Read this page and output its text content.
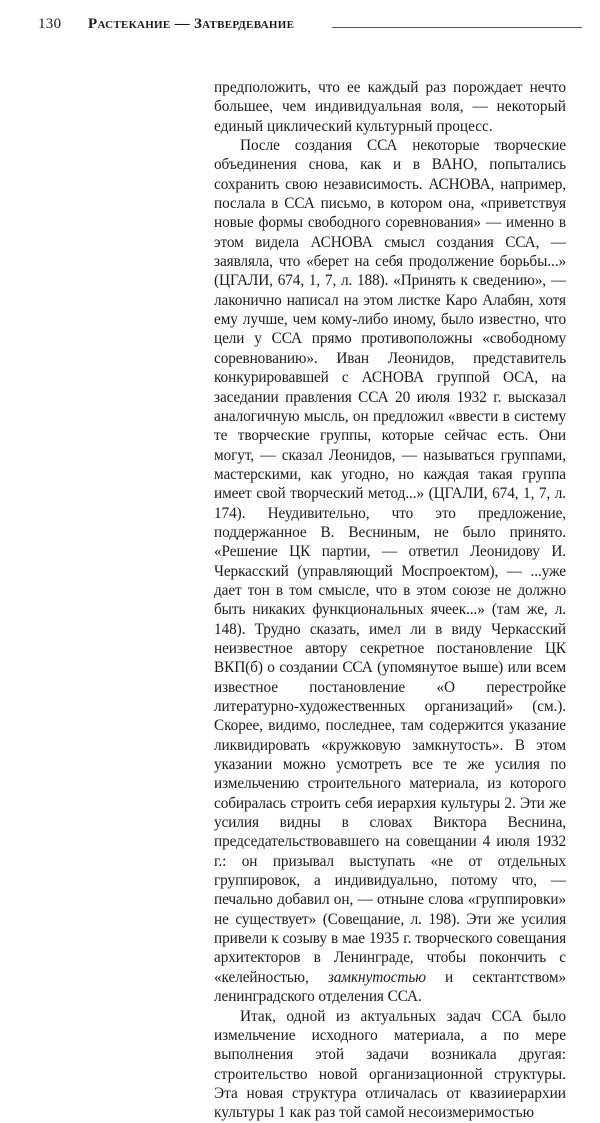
130 Растекание — Затвердевание

предположить, что ее каждый раз порождает нечто большее, чем индивидуальная воля, — некоторый единый циклический культурный процесс.

После создания ССА некоторые творческие объединения снова, как и в ВАНО, попытались сохранить свою независимость. АСНОВА, например, послала в ССА письмо, в котором она, «приветствуя новые формы свободного соревнования» — именно в этом видела АСНОВА смысл создания ССА, — заявляла, что «берет на себя продолжение борьбы...» (ЦГАЛИ, 674, 1, 7, л. 188). «Принять к сведению», — лаконично написал на этом листке Каро Алабян, хотя ему лучше, чем кому-либо иному, было известно, что цели у ССА прямо противоположны «свободному соревнованию». Иван Леонидов, представитель конкурировавшей с АСНОВА группой ОСА, на заседании правления ССА 20 июля 1932 г. высказал аналогичную мысль, он предложил «ввести в систему те творческие группы, которые сейчас есть. Они могут, — сказал Леонидов, — называться группами, мастерскими, как угодно, но каждая такая группа имеет свой творческий метод...» (ЦГАЛИ, 674, 1, 7, л. 174). Неудивительно, что это предложение, поддержанное В. Весниным, не было принято. «Решение ЦК партии, — ответил Леонидову И. Черкасский (управляющий Моспроектом), — ...уже дает тон в том смысле, что в этом союзе не должно быть никаких функциональных ячеек...» (там же, л. 148). Трудно сказать, имел ли в виду Черкасский неизвестное автору секретное постановление ЦК ВКП(б) о создании ССА (упомянутое выше) или всем известное постановление «О перестройке литературно-художественных организаций» (см.). Скорее, видимо, последнее, там содержится указание ликвидировать «кружковую замкнутость». В этом указании можно усмотреть все те же усилия по измельчению строительного материала, из которого собиралась строить себя иерархия культуры 2. Эти же усилия видны в словах Виктора Веснина, председательствовавшего на совещании 4 июля 1932 г.: он призывал выступать «не от отдельных группировок, а индивидуально, потому что, — печально добавил он, — отныне слова «группировки» не существует» (Совещание, л. 198). Эти же усилия привели к созыву в мае 1935 г. творческого совещания архитекторов в Ленинграде, чтобы покончить с «келейностью, замкнутостью и сектантством» ленинградского отделения ССА.

Итак, одной из актуальных задач ССА было измельчение исходного материала, а по мере выполнения этой задачи возникала другая: строительство новой организационной структуры. Эта новая структура отличалась от квазииерархии культуры 1 как раз той самой несоизмеримостью
